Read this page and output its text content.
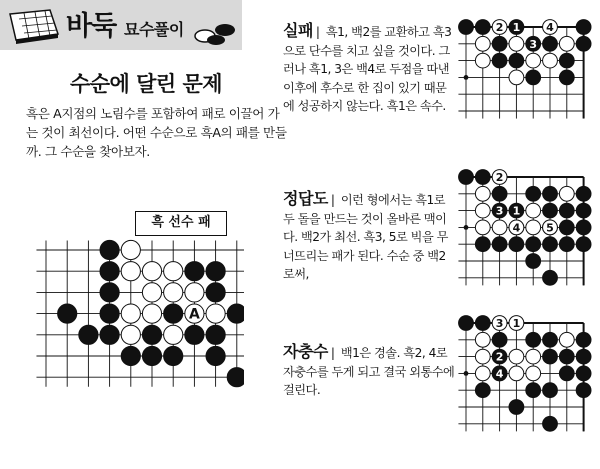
바둑 묘수풀이
수순에 달린 문제
흑은 A지점의 노림수를 포함하여 패로 이끌어 가는 것이 최선이다. 어떤 수순으로 흑A의 패를 만들까. 그 수순을 찾아보자.
흑 선수 패
A
실패 | 흑1, 백2를 교환하고 흑3으로 단수를 치고 싶을 것이다. 그러나 흑1, 3은 백4로 두점을 따낸 이후에 후수로 한 집이 있기 때문에 성공하지 않는다. 흑1은 속수.
정답도 | 이런 형에서는 흑1로 두 돌을 만드는 것이 올바른 맥이다. 백2가 최선. 흑3, 5로 빅을 무너뜨리는 패가 된다. 수순 중 백2로써,
자충수 | 백1은 경솔. 흑2, 4로 자충수를 두게 되고 결국 외통수에 걸린다.
1
3
2	4
3 1
2
4 5
2
4
3 1
